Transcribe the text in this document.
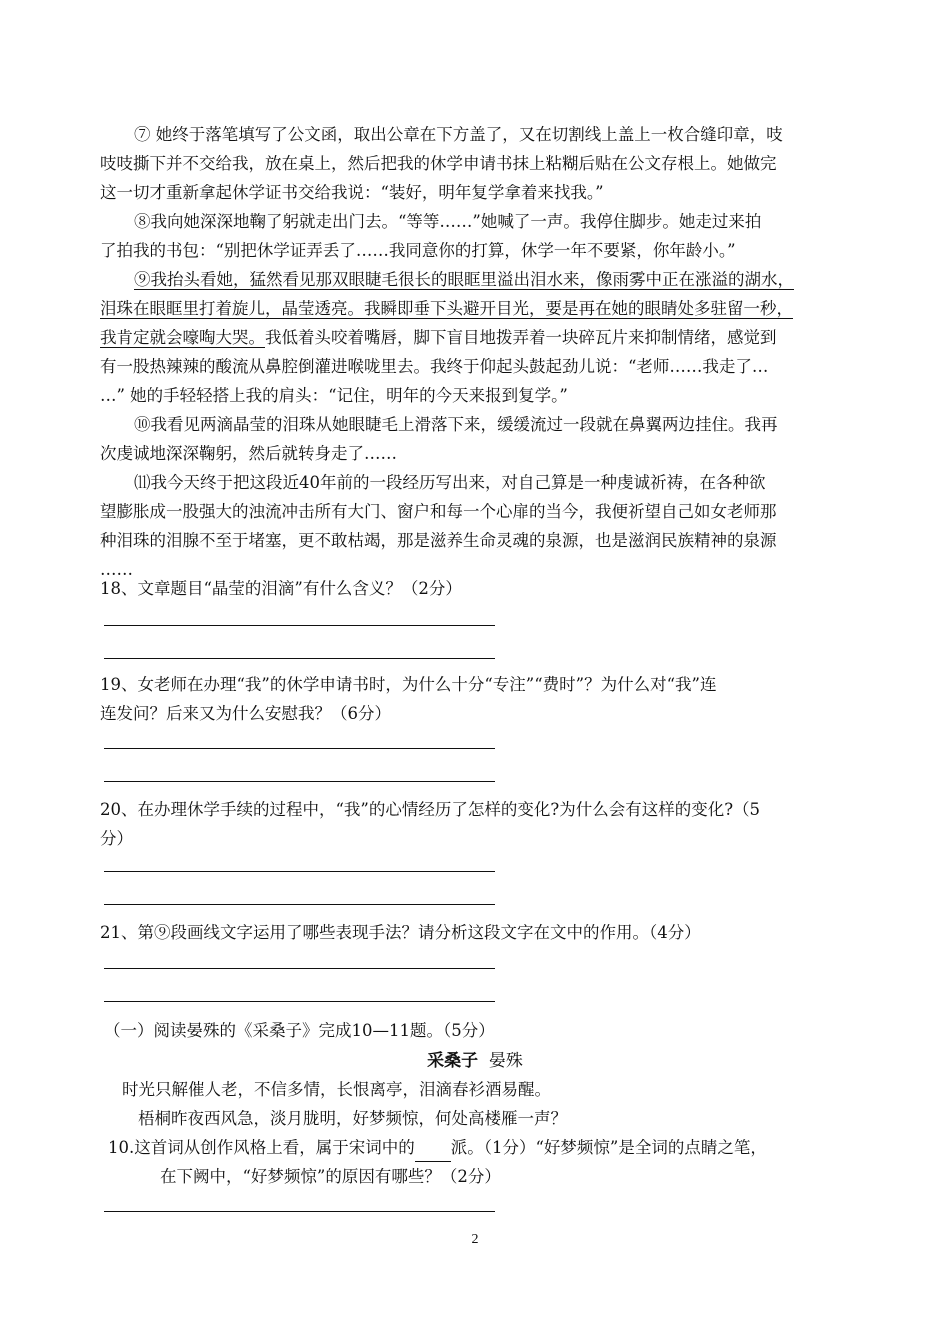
⑦ 她终于落笔填写了公文函，取出公章在下方盖了，又在切割线上盖上一枚合缝印章，吱
吱吱撕下并不交给我，放在桌上，然后把我的休学申请书抹上粘糊后贴在公文存根上。她做完
这一切才重新拿起休学证书交给我说：“装好，明年复学拿着来找我。”
⑧我向她深深地鞠了躬就走出门去。“等等……”她喊了一声。我停住脚步。她走过来拍
了拍我的书包：“别把休学证弄丢了……我同意你的打算，休学一年不要紧，你年龄小。”
⑨我抬头看她，猛然看见那双眼睫毛很长的眼眶里溢出泪水来，像雨雾中正在涨溢的湖水，
泪珠在眼眶里打着旋儿，晶莹透亮。我瞬即垂下头避开目光，要是再在她的眼睛处多驻留一秒，
我肯定就会嚎啕大哭。我低着头咬着嘴唇，脚下盲目地拨弄着一块碎瓦片来抑制情绪，感觉到
有一股热辣辣的酸流从鼻腔倒灌进喉咙里去。我终于仰起头鼓起劲儿说：“老师……我走了…
…” 她的手轻轻搭上我的肩头：“记住，明年的今天来报到复学。”
⑩我看见两滴晶莹的泪珠从她眼睫毛上滑落下来，缓缓流过一段就在鼻翼两边挂住。我再
次虔诚地深深鞠躬，然后就转身走了……
⑾我今天终于把这段近40年前的一段经历写出来，对自己算是一种虔诚祈祷，在各种欲
望膨胀成一股强大的浊流冲击所有大门、窗户和每一个心扉的当今，我便祈望自己如女老师那
种泪珠的泪腺不至于堵塞，更不敢枯竭，那是滋养生命灵魂的泉源，也是滋润民族精神的泉源
……

18、文章题目“晶莹的泪滴”有什么含义？（2分）

19、女老师在办理“我”的休学申请书时，为什么十分“专注”“费时”？为什么对“我”连
连发问？后来又为什么安慰我？（6分）
20、在办理休学手续的过程中，“我”的心情经历了怎样的变化?为什么会有这样的变化?（5
分）

21、第⑨段画线文字运用了哪些表现手法？请分析这段文字在文中的作用。（4分）

（一）阅读晏殊的《采桑子》完成10—11题。（5分）

采桑子 晏殊

时光只解催人老，不信多情，长恨离亭，泪滴春衫酒易醒。

梧桐昨夜西风急，淡月胧明，好梦频惊，何处高楼雁一声？

10.这首词从创作风格上看，属于宋词中的 派。（1分）“好梦频惊”是全词的点睛之笔，

在下阙中，“好梦频惊”的原因有哪些？（2分）

2
